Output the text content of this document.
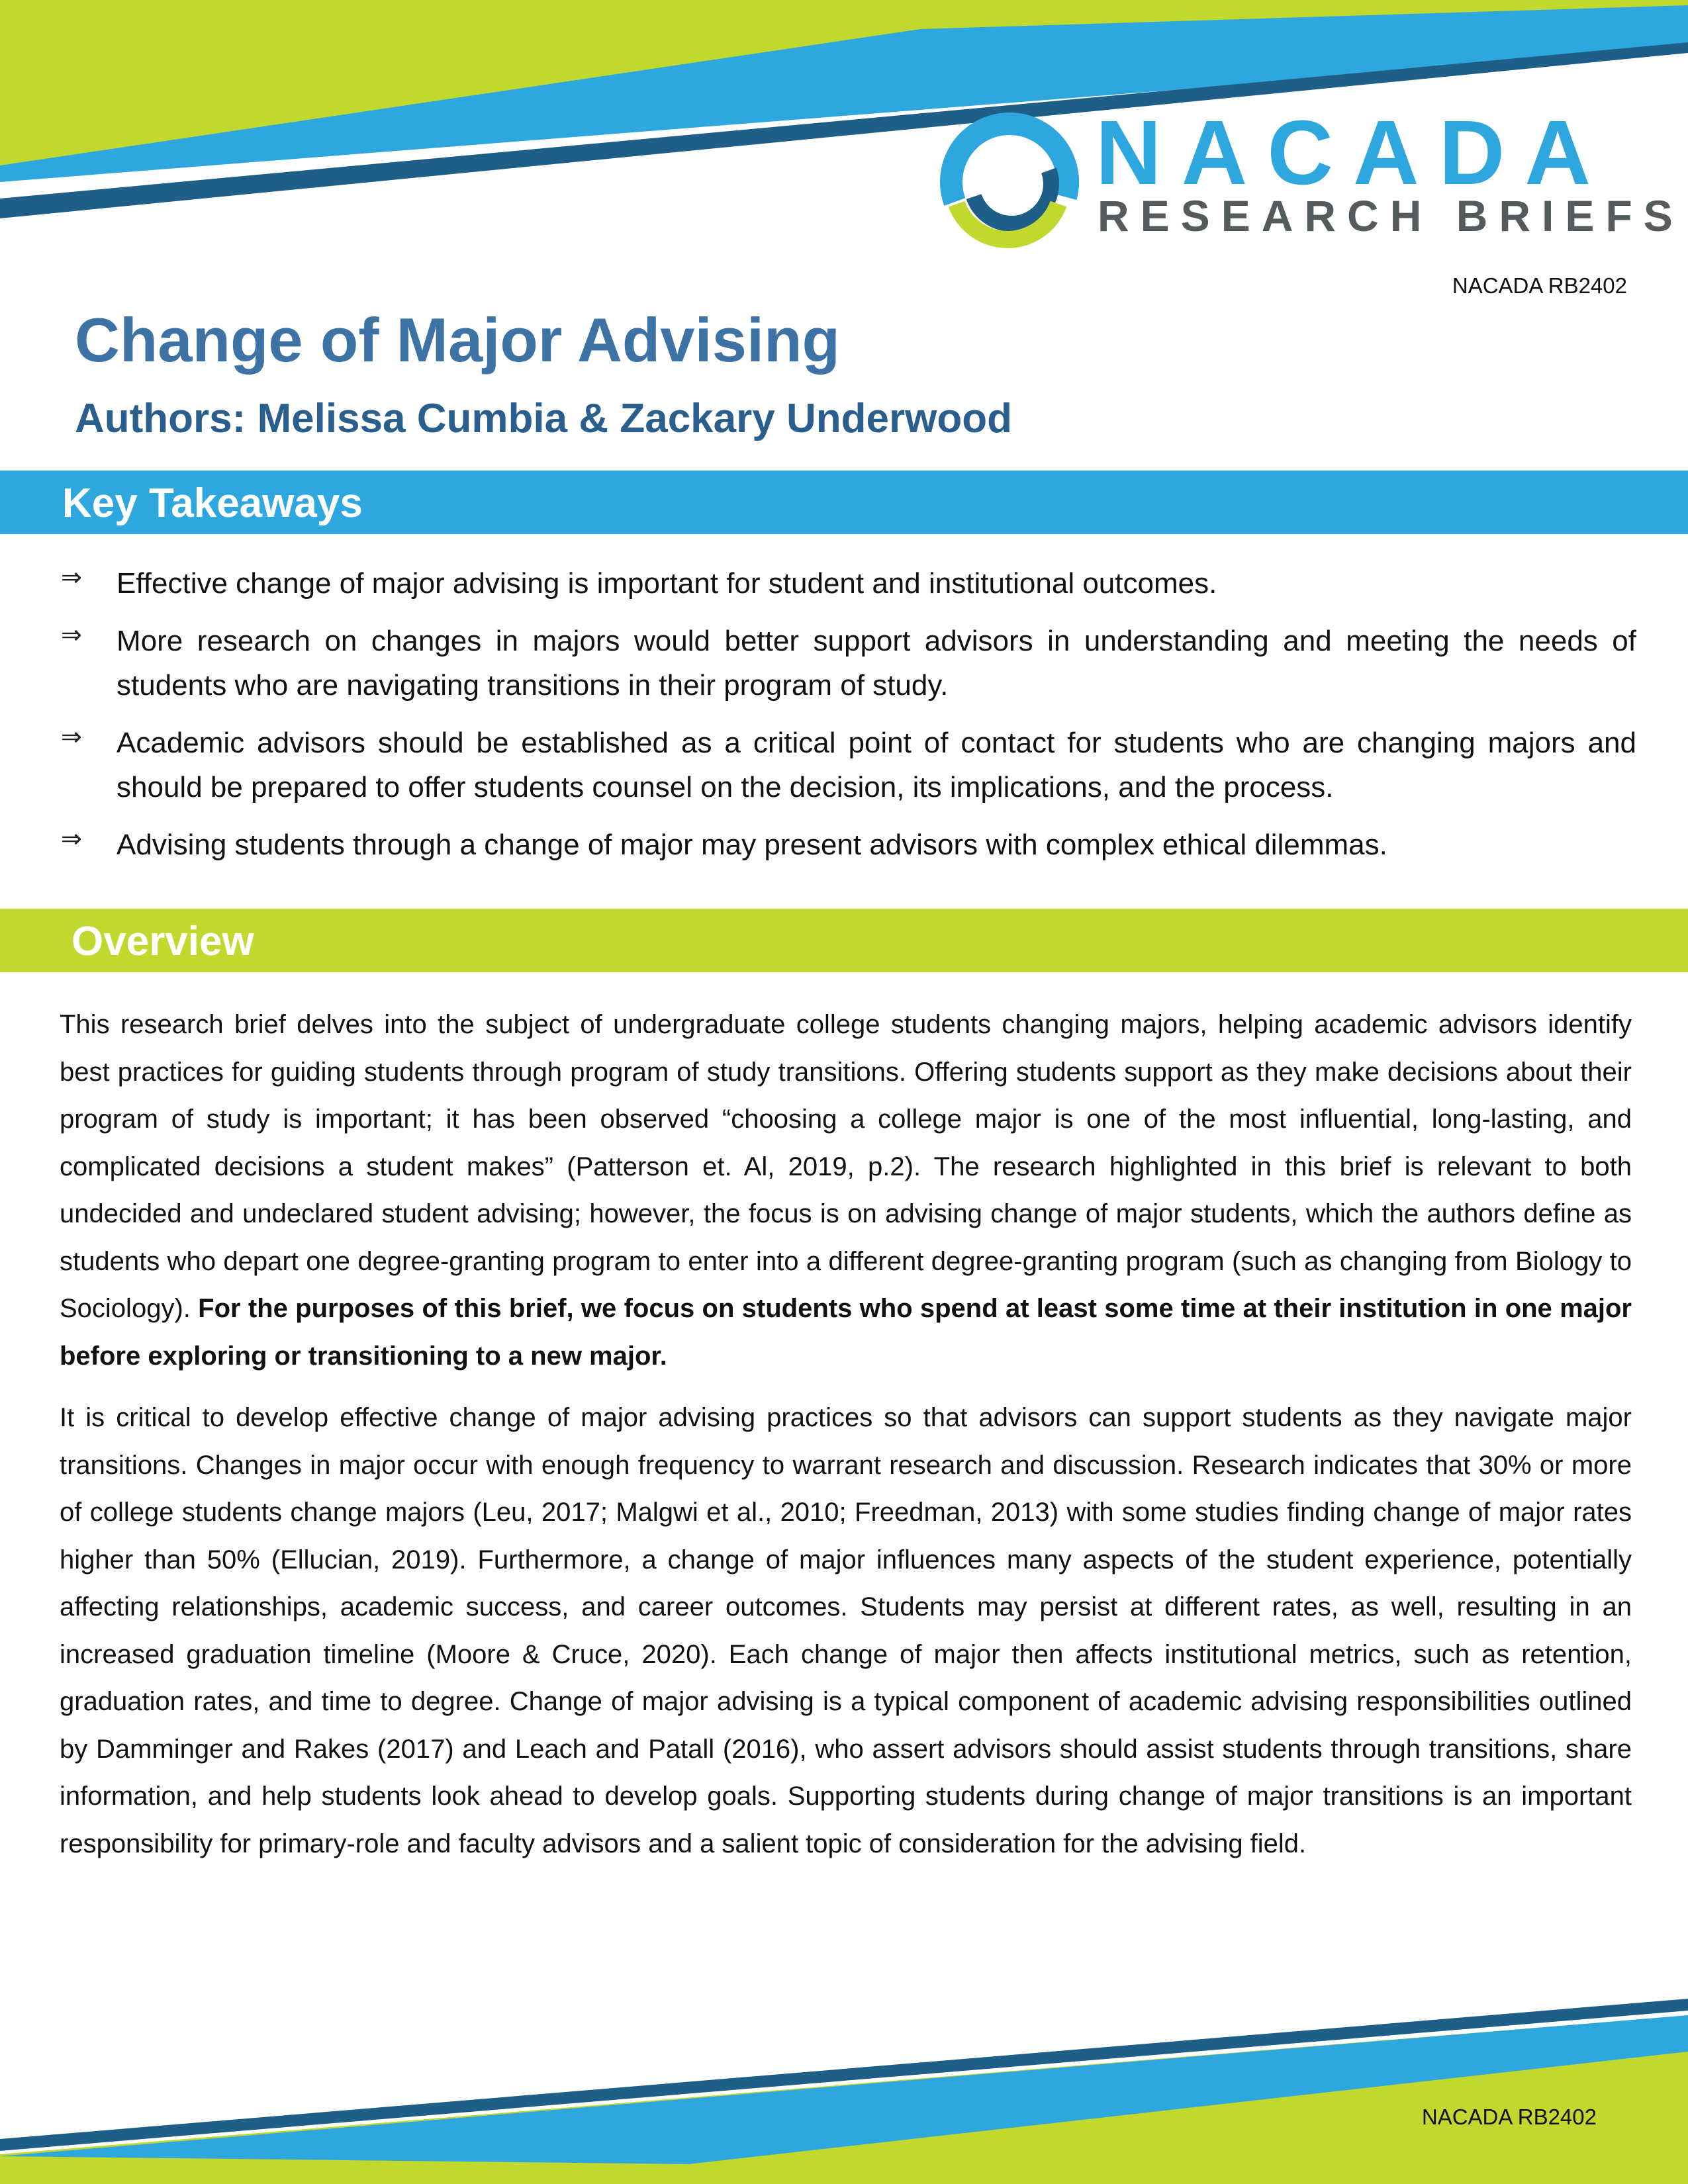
NACADA
RESEARCH BRIEFS
NACADA RB2402
Change of Major Advising
Authors: Melissa Cumbia & Zackary Underwood
Key Takeaways
⇒ Effective change of major advising is important for student and institutional outcomes.
⇒ More research on changes in majors would better support advisors in understanding and meeting the needs of students who are navigating transitions in their program of study.
⇒ Academic advisors should be established as a critical point of contact for students who are changing majors and should be prepared to offer students counsel on the decision, its implications, and the process.
⇒ Advising students through a change of major may present advisors with complex ethical dilemmas.
Overview

This research brief delves into the subject of undergraduate college students changing majors, helping academic advisors identify best practices for guiding students through program of study transitions. Offering students support as they make decisions about their program of study is important; it has been observed “choosing a college major is one of the most influential, long-lasting, and complicated decisions a student makes” (Patterson et. Al, 2019, p.2). The research highlighted in this brief is relevant to both undecided and undeclared student advising; however, the focus is on advising change of major students, which the authors define as students who depart one degree-granting program to enter into a different degree-granting program (such as changing from Biology to Sociology). For the purposes of this brief, we focus on students who spend at least some time at their institution in one major before exploring or transitioning to a new major.

It is critical to develop effective change of major advising practices so that advisors can support students as they navigate major transitions. Changes in major occur with enough frequency to warrant research and discussion. Research indicates that 30% or more of college students change majors (Leu, 2017; Malgwi et al., 2010; Freedman, 2013) with some studies finding change of major rates higher than 50% (Ellucian, 2019). Furthermore, a change of major influences many aspects of the student experience, potentially affecting relationships, academic success, and career outcomes. Students may persist at different rates, as well, resulting in an increased graduation timeline (Moore & Cruce, 2020). Each change of major then affects institutional metrics, such as retention, graduation rates, and time to degree. Change of major advising is a typical component of academic advising responsibilities outlined by Damminger and Rakes (2017) and Leach and Patall (2016), who assert advisors should assist students through transitions, share information, and help students look ahead to develop goals. Supporting students during change of major transitions is an important responsibility for primary-role and faculty advisors and a salient topic of consideration for the advising field.

NACADA RB2402
